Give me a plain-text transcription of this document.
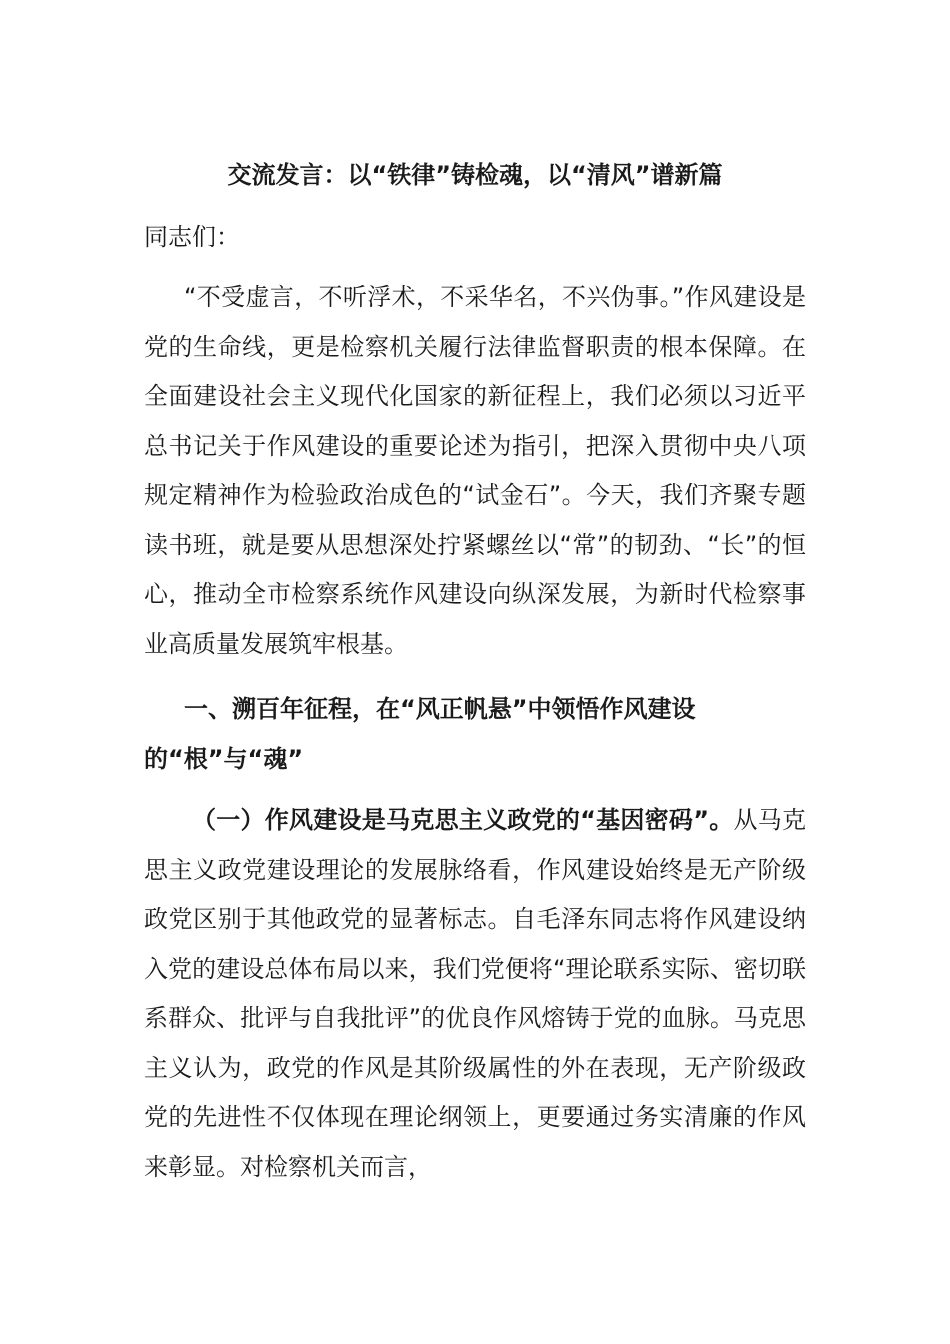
交流发言：以“铁律”铸检魂，以“清风”谱新篇
同志们：

“不受虚言，不听浮术，不采华名，不兴伪事。”作风建设是党的生命线，更是检察机关履行法律监督职责的根本保障。在全面建设社会主义现代化国家的新征程上，我们必须以习近平总书记关于作风建设的重要论述为指引，把深入贯彻中央八项规定精神作为检验政治成色的“试金石”。今天，我们齐聚专题读书班，就是要从思想深处拧紧螺丝以“常”的韧劲、“长”的恒心，推动全市检察系统作风建设向纵深发展，为新时代检察事业高质量发展筑牢根基。

一、溯百年征程，在“风正帆悬”中领悟作风建设的“根”与“魂”

（一）作风建设是马克思主义政党的“基因密码”。从马克思主义政党建设理论的发展脉络看，作风建设始终是无产阶级政党区别于其他政党的显著标志。自毛泽东同志将作风建设纳入党的建设总体布局以来，我们党便将“理论联系实际、密切联系群众、批评与自我批评”的优良作风熔铸于党的血脉。马克思主义认为，政党的作风是其阶级属性的外在表现，无产阶级政党的先进性不仅体现在理论纲领上，更要通过务实清廉的作风来彰显。对检察机关而言，
